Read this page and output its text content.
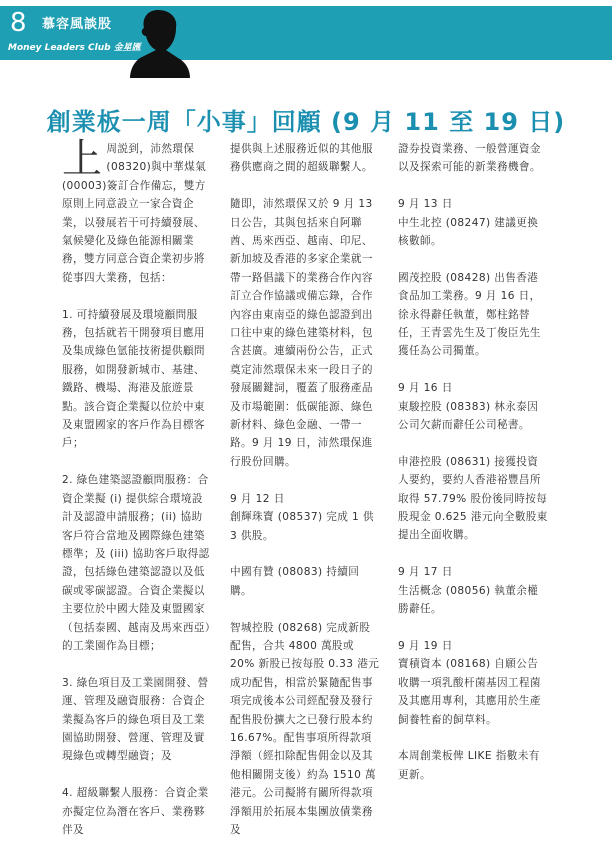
8 慕容風談股
Money Leaders Club 金星匯
創業板一周「小事」回顧 (9 月 11 至 19 日)

上周説到，沛然環保(08320)與中華煤氣(00003)簽訂合作備忘，雙方原則上同意設立一家合資企業，以發展若干可持續發展、氣候變化及綠色能源相關業務，雙方同意合資企業初步將從事四大業務，包括：

1. 可持續發展及環境顧問服務，包括就若干開發項目應用及集成綠色氫能技術提供顧問服務，如開發新城市、基建、鐵路、機場、海港及旅遊景點。該合資企業擬以位於中東及東盟國家的客戶作為目標客戶；

2. 綠色建築認證顧問服務：合資企業擬 (i) 提供綜合環境設計及認證申請服務；(ii) 協助客戶符合當地及國際綠色建築標準；及 (iii) 協助客戶取得認證，包括綠色建築認證以及低碳或零碳認證。合資企業擬以主要位於中國大陸及東盟國家（包括泰國、越南及馬來西亞）的工業園作為目標；

3. 綠色項目及工業園開發、營運、管理及融資服務：合資企業擬為客戶的綠色項目及工業園協助開發、營運、管理及實現綠色或轉型融資；及

4. 超級聯繫人服務：合資企業亦擬定位為潛在客戶、業務夥伴及

提供與上述服務近似的其他服務供應商之間的超級聯繫人。

隨即，沛然環保又於 9 月 13 日公告，其與包括來自阿聯酋、馬來西亞、越南、印尼、新加坡及香港的多家企業就一帶一路倡議下的業務合作內容訂立合作協議或備忘錄，合作內容由東南亞的綠色認證到出口往中東的綠色建築材料，包含甚廣。連續兩份公告，正式奠定沛然環保未來一段日子的發展關鍵詞，覆蓋了服務產品及市場範圍：低碳能源、綠色新材料、綠色金融、一帶一路。9 月 19 日，沛然環保進行股份回購。

9 月 12 日
創輝珠寶 (08537) 完成 1 供 3 供股。

中國有贊 (08083) 持續回購。

智城控股 (08268) 完成新股配售，合共 4800 萬股或 20% 新股已按每股 0.33 港元成功配售，相當於緊隨配售事項完成後本公司經配發及發行配售股份擴大之已發行股本約 16.67%。配售事項所得款項淨額（經扣除配售佣金以及其他相關開支後）約為 1510 萬港元。公司擬將有關所得款項淨額用於拓展本集團放債業務及

證券投資業務、一般營運資金以及探索可能的新業務機會。

9 月 13 日
中生北控 (08247) 建議更換核數師。

國茂控股 (08428) 出售香港食品加工業務。9 月 16 日，徐永得辭任執董，鄭柱銘替任，王青雲先生及丁俊臣先生獲任為公司獨董。

9 月 16 日
東駿控股 (08383) 林永泰因公司欠薪而辭任公司秘書。

申港控股 (08631) 接獲投資人要約，要約人香港裕豐昌所取得 57.79% 股份後同時按每股現金 0.625 港元向全數股東提出全面收購。

9 月 17 日
生活概念 (08056) 執董余權勝辭任。

9 月 19 日
寶積資本 (08168) 自願公告收購一項乳酸杆菌基因工程菌及其應用專利，其應用於生產飼養牲畜的飼草料。

本周創業板俾 LIKE 指數未有更新。
